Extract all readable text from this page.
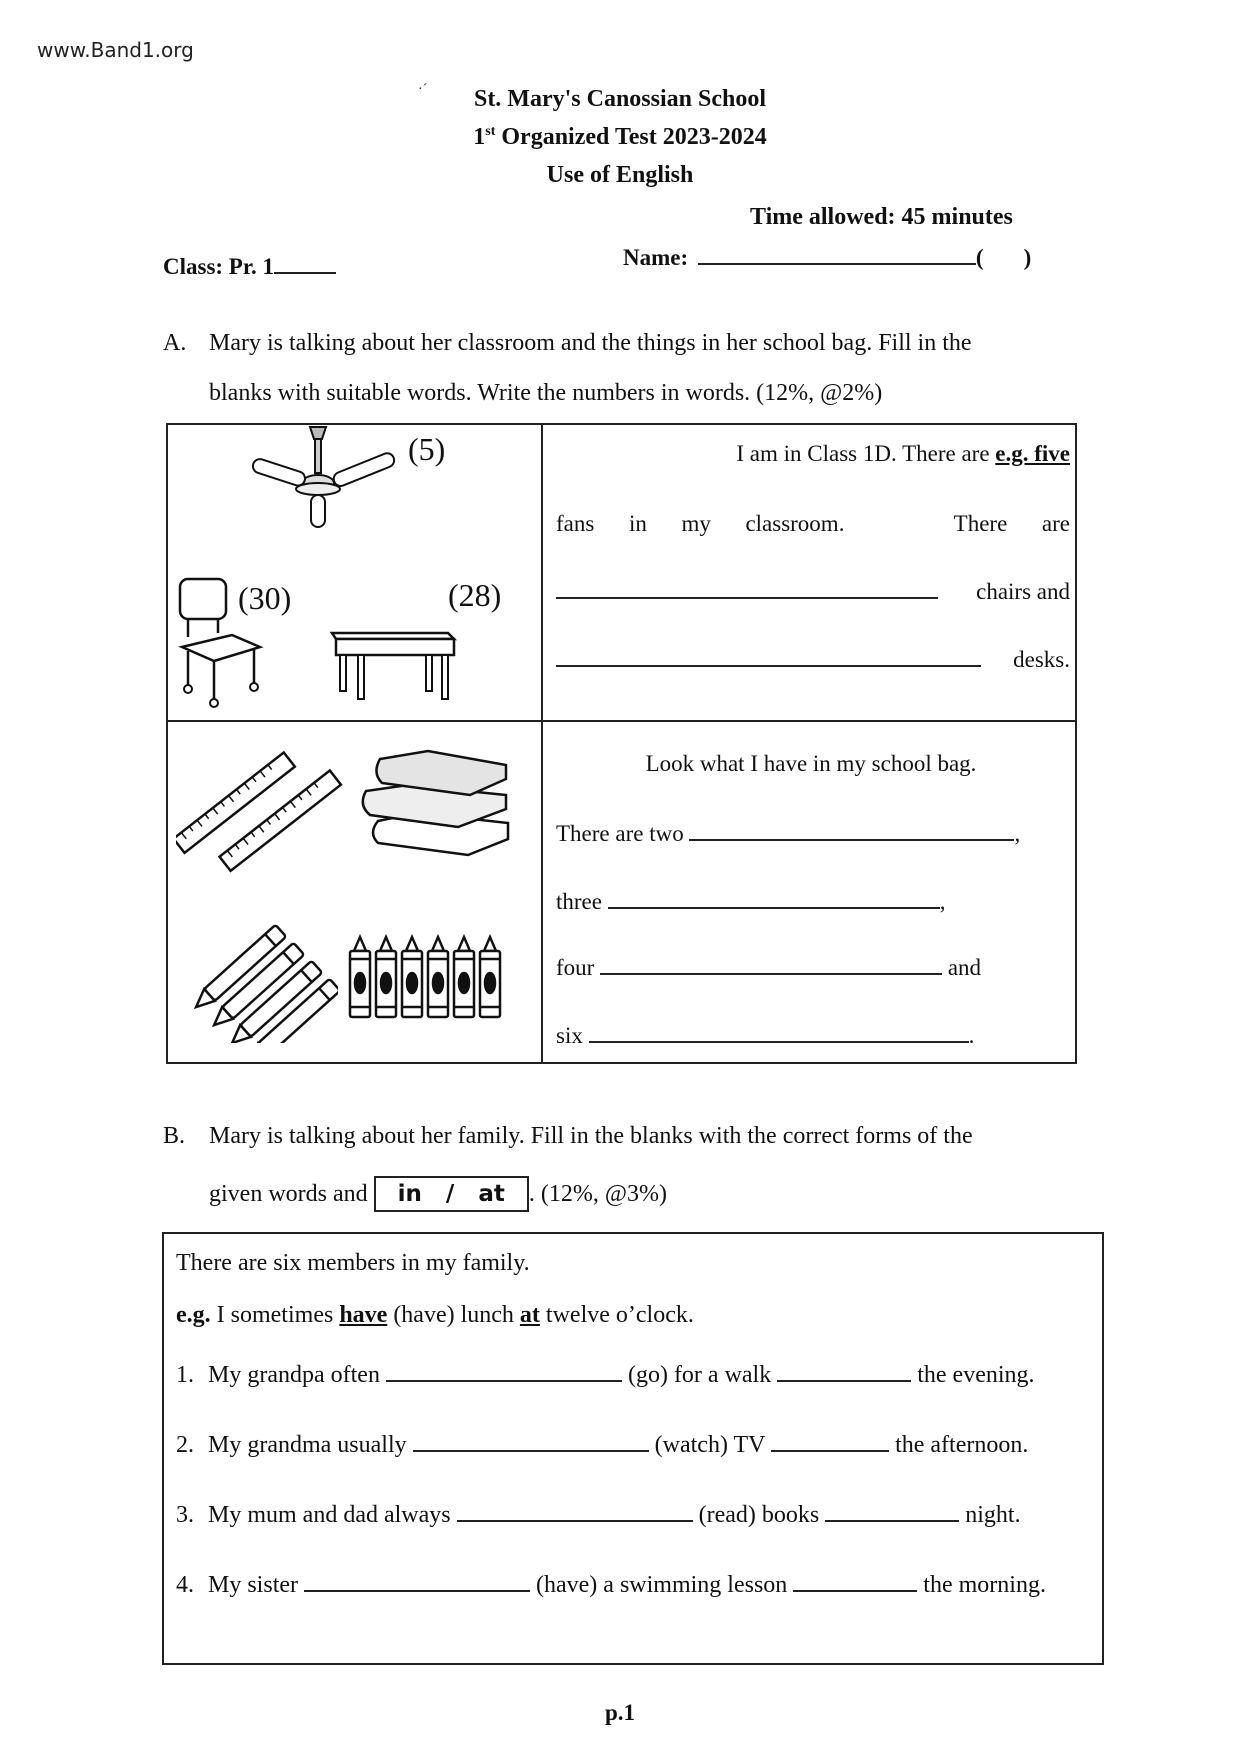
www.Band1.org
·´	St. Mary's Canossian School
1st Organized Test 2023-2024
Use of English
Time allowed: 45 minutes
Class: Pr. 1	Name:	( )
A. Mary is talking about her classroom and the things in her school bag. Fill in the
blanks with suitable words. Write the numbers in words. (12%, @2%)
(5)
(30)	(28)
I am in Class 1D. There are e.g. five
fans in my classroom.	There are
chairs and
desks.
Look what I have in my school bag.
There are two	,
three	,
four	and
six	.
B. Mary is talking about her family. Fill in the blanks with the correct forms of the
given words and in   /   at . (12%, @3%)
There are six members in my family.
e.g. I sometimes have (have) lunch at twelve o’clock.
1. My grandpa often	(go) for a walk	the evening.
2. My grandma usually	(watch) TV	the afternoon.
3. My mum and dad always	(read) books	night.
4. My sister	(have) a swimming lesson	the morning.
p.1
